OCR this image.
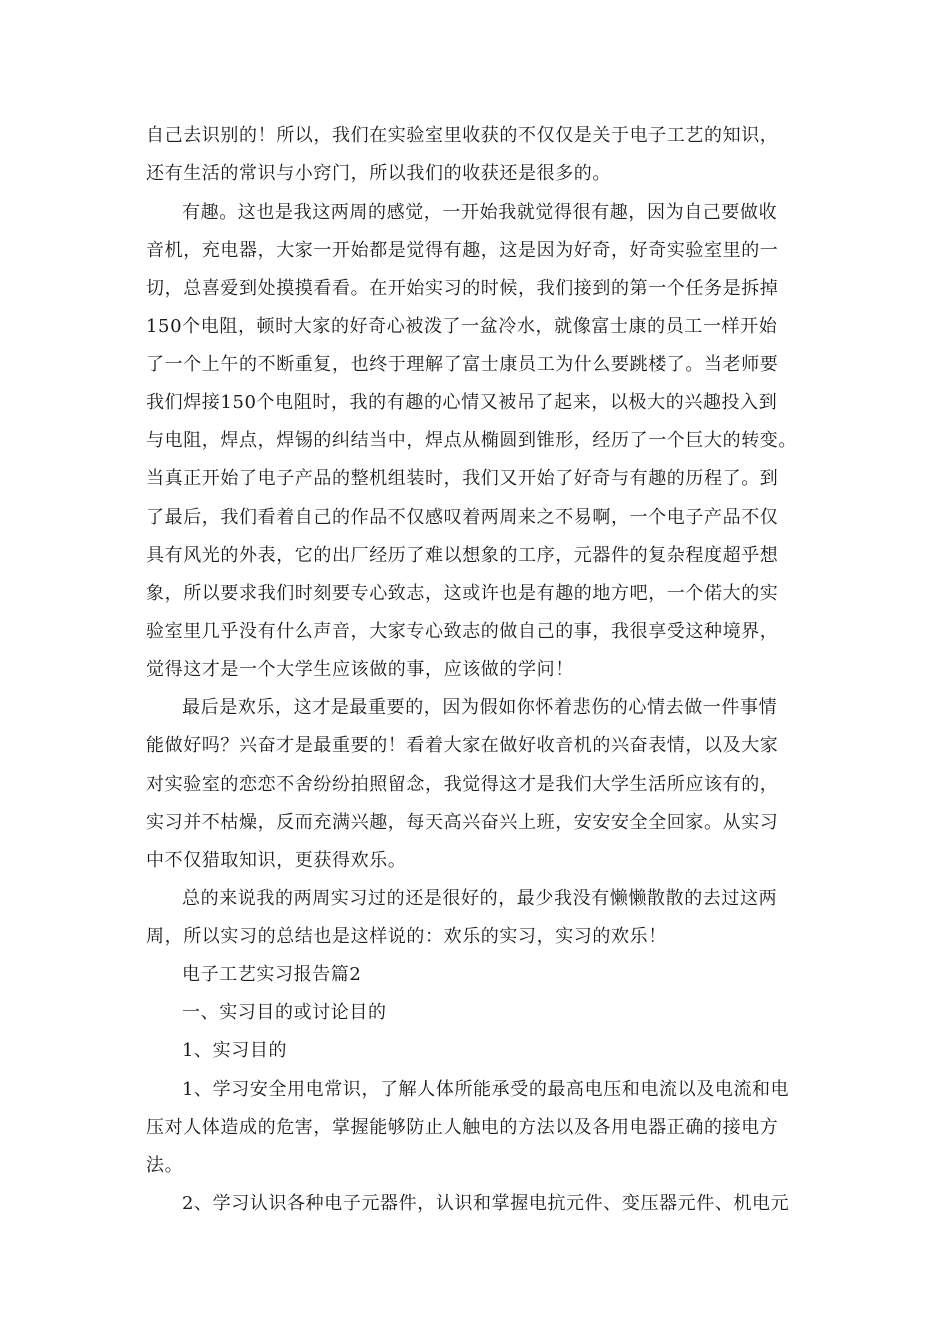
自己去识别的！所以，我们在实验室里收获的不仅仅是关于电子工艺的知识，
还有生活的常识与小窍门，所以我们的收获还是很多的。
有趣。这也是我这两周的感觉，一开始我就觉得很有趣，因为自己要做收
音机，充电器，大家一开始都是觉得有趣，这是因为好奇，好奇实验室里的一
切，总喜爱到处摸摸看看。在开始实习的时候，我们接到的第一个任务是拆掉
150个电阻，顿时大家的好奇心被泼了一盆冷水，就像富士康的员工一样开始
了一个上午的不断重复，也终于理解了富士康员工为什么要跳楼了。当老师要
我们焊接150个电阻时，我的有趣的心情又被吊了起来，以极大的兴趣投入到
与电阻，焊点，焊锡的纠结当中，焊点从椭圆到锥形，经历了一个巨大的转变。
当真正开始了电子产品的整机组装时，我们又开始了好奇与有趣的历程了。到
了最后，我们看着自己的作品不仅感叹着两周来之不易啊，一个电子产品不仅
具有风光的外表，它的出厂经历了难以想象的工序，元器件的复杂程度超乎想
象，所以要求我们时刻要专心致志，这或许也是有趣的地方吧，一个偌大的实
验室里几乎没有什么声音，大家专心致志的做自己的事，我很享受这种境界，
觉得这才是一个大学生应该做的事，应该做的学问！
最后是欢乐，这才是最重要的，因为假如你怀着悲伤的心情去做一件事情
能做好吗？兴奋才是最重要的！看着大家在做好收音机的兴奋表情，以及大家
对实验室的恋恋不舍纷纷拍照留念，我觉得这才是我们大学生活所应该有的，
实习并不枯燥，反而充满兴趣，每天高兴奋兴上班，安安安全全回家。从实习
中不仅猎取知识，更获得欢乐。
总的来说我的两周实习过的还是很好的，最少我没有懒懒散散的去过这两
周，所以实习的总结也是这样说的：欢乐的实习，实习的欢乐！
电子工艺实习报告篇2
一、实习目的或讨论目的
1、实习目的
1、学习安全用电常识，了解人体所能承受的最高电压和电流以及电流和电
压对人体造成的危害，掌握能够防止人触电的方法以及各用电器正确的接电方
法。
2、学习认识各种电子元器件，认识和掌握电抗元件、变压器元件、机电元
